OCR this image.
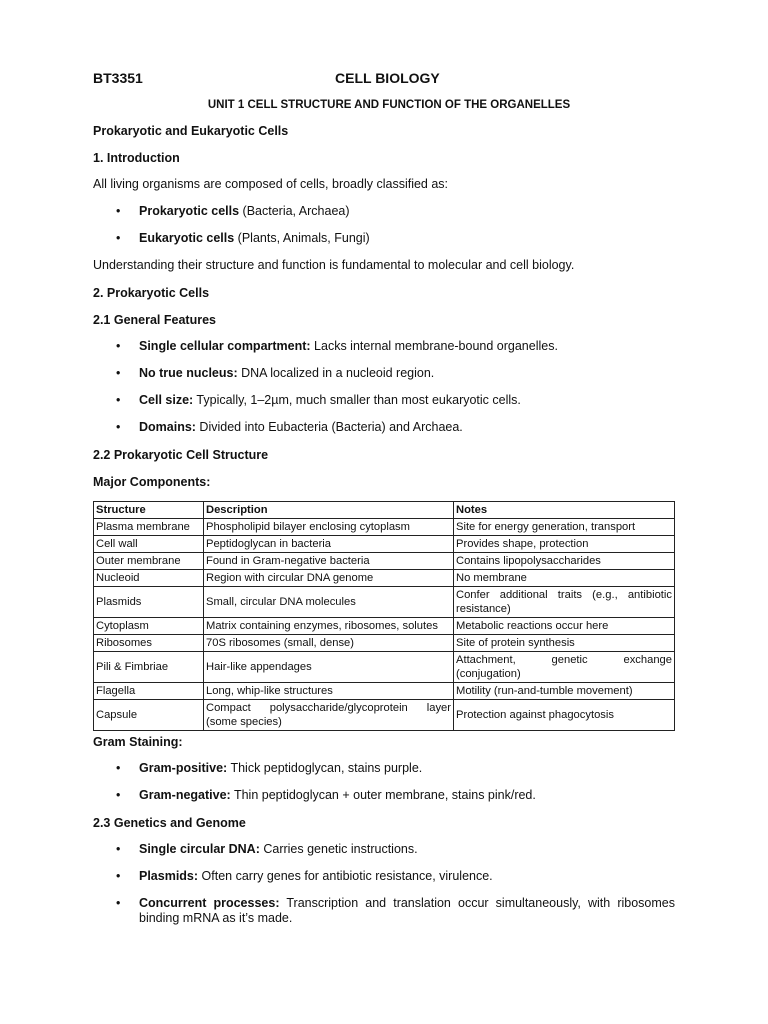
BT3351	CELL BIOLOGY
UNIT 1 CELL STRUCTURE AND FUNCTION OF THE ORGANELLES
Prokaryotic and Eukaryotic Cells
1. Introduction
All living organisms are composed of cells, broadly classified as:
• Prokaryotic cells (Bacteria, Archaea)
• Eukaryotic cells (Plants, Animals, Fungi)
Understanding their structure and function is fundamental to molecular and cell biology.
2. Prokaryotic Cells
2.1 General Features
• Single cellular compartment: Lacks internal membrane-bound organelles.
• No true nucleus: DNA localized in a nucleoid region.
• Cell size: Typically, 1–2µm, much smaller than most eukaryotic cells.
• Domains: Divided into Eubacteria (Bacteria) and Archaea.
2.2 Prokaryotic Cell Structure
Major Components:
Structure	Description	Notes
Plasma membrane	Phospholipid bilayer enclosing cytoplasm	Site for energy generation, transport
Cell wall	Peptidoglycan in bacteria	Provides shape, protection
Outer membrane	Found in Gram-negative bacteria	Contains lipopolysaccharides
Nucleoid	Region with circular DNA genome	No membrane
Plasmids	Small, circular DNA molecules	Confer additional traits (e.g., antibiotic resistance)
Cytoplasm	Matrix containing enzymes, ribosomes, solutes	Metabolic reactions occur here
Ribosomes	70S ribosomes (small, dense)	Site of protein synthesis
Pili & Fimbriae	Hair-like appendages	Attachment, genetic exchange (conjugation)
Flagella	Long, whip-like structures	Motility (run-and-tumble movement)
Capsule	Compact polysaccharide/glycoprotein layer (some species)	Protection against phagocytosis
Gram Staining:
• Gram-positive: Thick peptidoglycan, stains purple.
• Gram-negative: Thin peptidoglycan + outer membrane, stains pink/red.
2.3 Genetics and Genome
• Single circular DNA: Carries genetic instructions.
• Plasmids: Often carry genes for antibiotic resistance, virulence.
• Concurrent processes: Transcription and translation occur simultaneously, with ribosomes binding mRNA as it’s made.
